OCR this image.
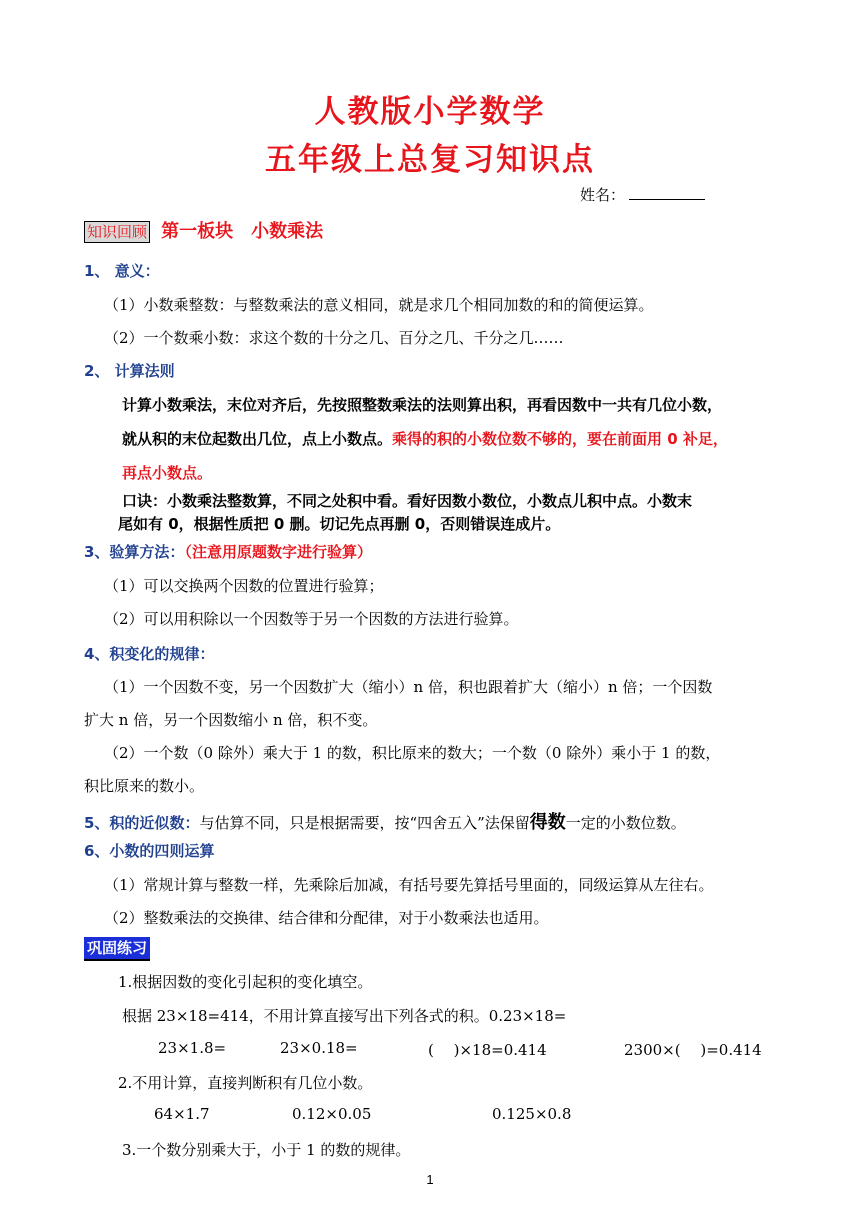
人教版小学数学
五年级上总复习知识点
姓名：
知识回顾 第一板块　小数乘法
1、 意义：
（1）小数乘整数：与整数乘法的意义相同，就是求几个相同加数的和的简便运算。
（2）一个数乘小数：求这个数的十分之几、百分之几、千分之几……
2、 计算法则
计算小数乘法，末位对齐后，先按照整数乘法的法则算出积，再看因数中一共有几位小数，
就从积的末位起数出几位，点上小数点。乘得的积的小数位数不够的，要在前面用 0 补足，
再点小数点。
口诀：小数乘法整数算，不同之处积中看。看好因数小数位，小数点儿积中点。小数末
尾如有 0，根据性质把 0 删。切记先点再删 0，否则错误连成片。
3、验算方法：（注意用原题数字进行验算）
（1）可以交换两个因数的位置进行验算；
（2）可以用积除以一个因数等于另一个因数的方法进行验算。
4、积变化的规律：
（1）一个因数不变，另一个因数扩大（缩小）n 倍，积也跟着扩大（缩小）n 倍；一个因数
扩大 n 倍，另一个因数缩小 n 倍，积不变。
（2）一个数（0 除外）乘大于 1 的数，积比原来的数大；一个数（0 除外）乘小于 1 的数，
积比原来的数小。
5、积的近似数：与估算不同，只是根据需要，按“四舍五入”法保留得数一定的小数位数。
6、小数的四则运算
（1）常规计算与整数一样，先乘除后加减，有括号要先算括号里面的，同级运算从左往右。
（2）整数乘法的交换律、结合律和分配律，对于小数乘法也适用。
巩固练习
1.根据因数的变化引起积的变化填空。
根据 23×18=414，不用计算直接写出下列各式的积。0.23×18=
23×1.8=	23×0.18=	(　 )×18=0.414	2300×(　 )=0.414
2.不用计算，直接判断积有几位小数。
64×1.7	0.12×0.05	0.125×0.8
3.一个数分别乘大于，小于 1 的数的规律。
1
